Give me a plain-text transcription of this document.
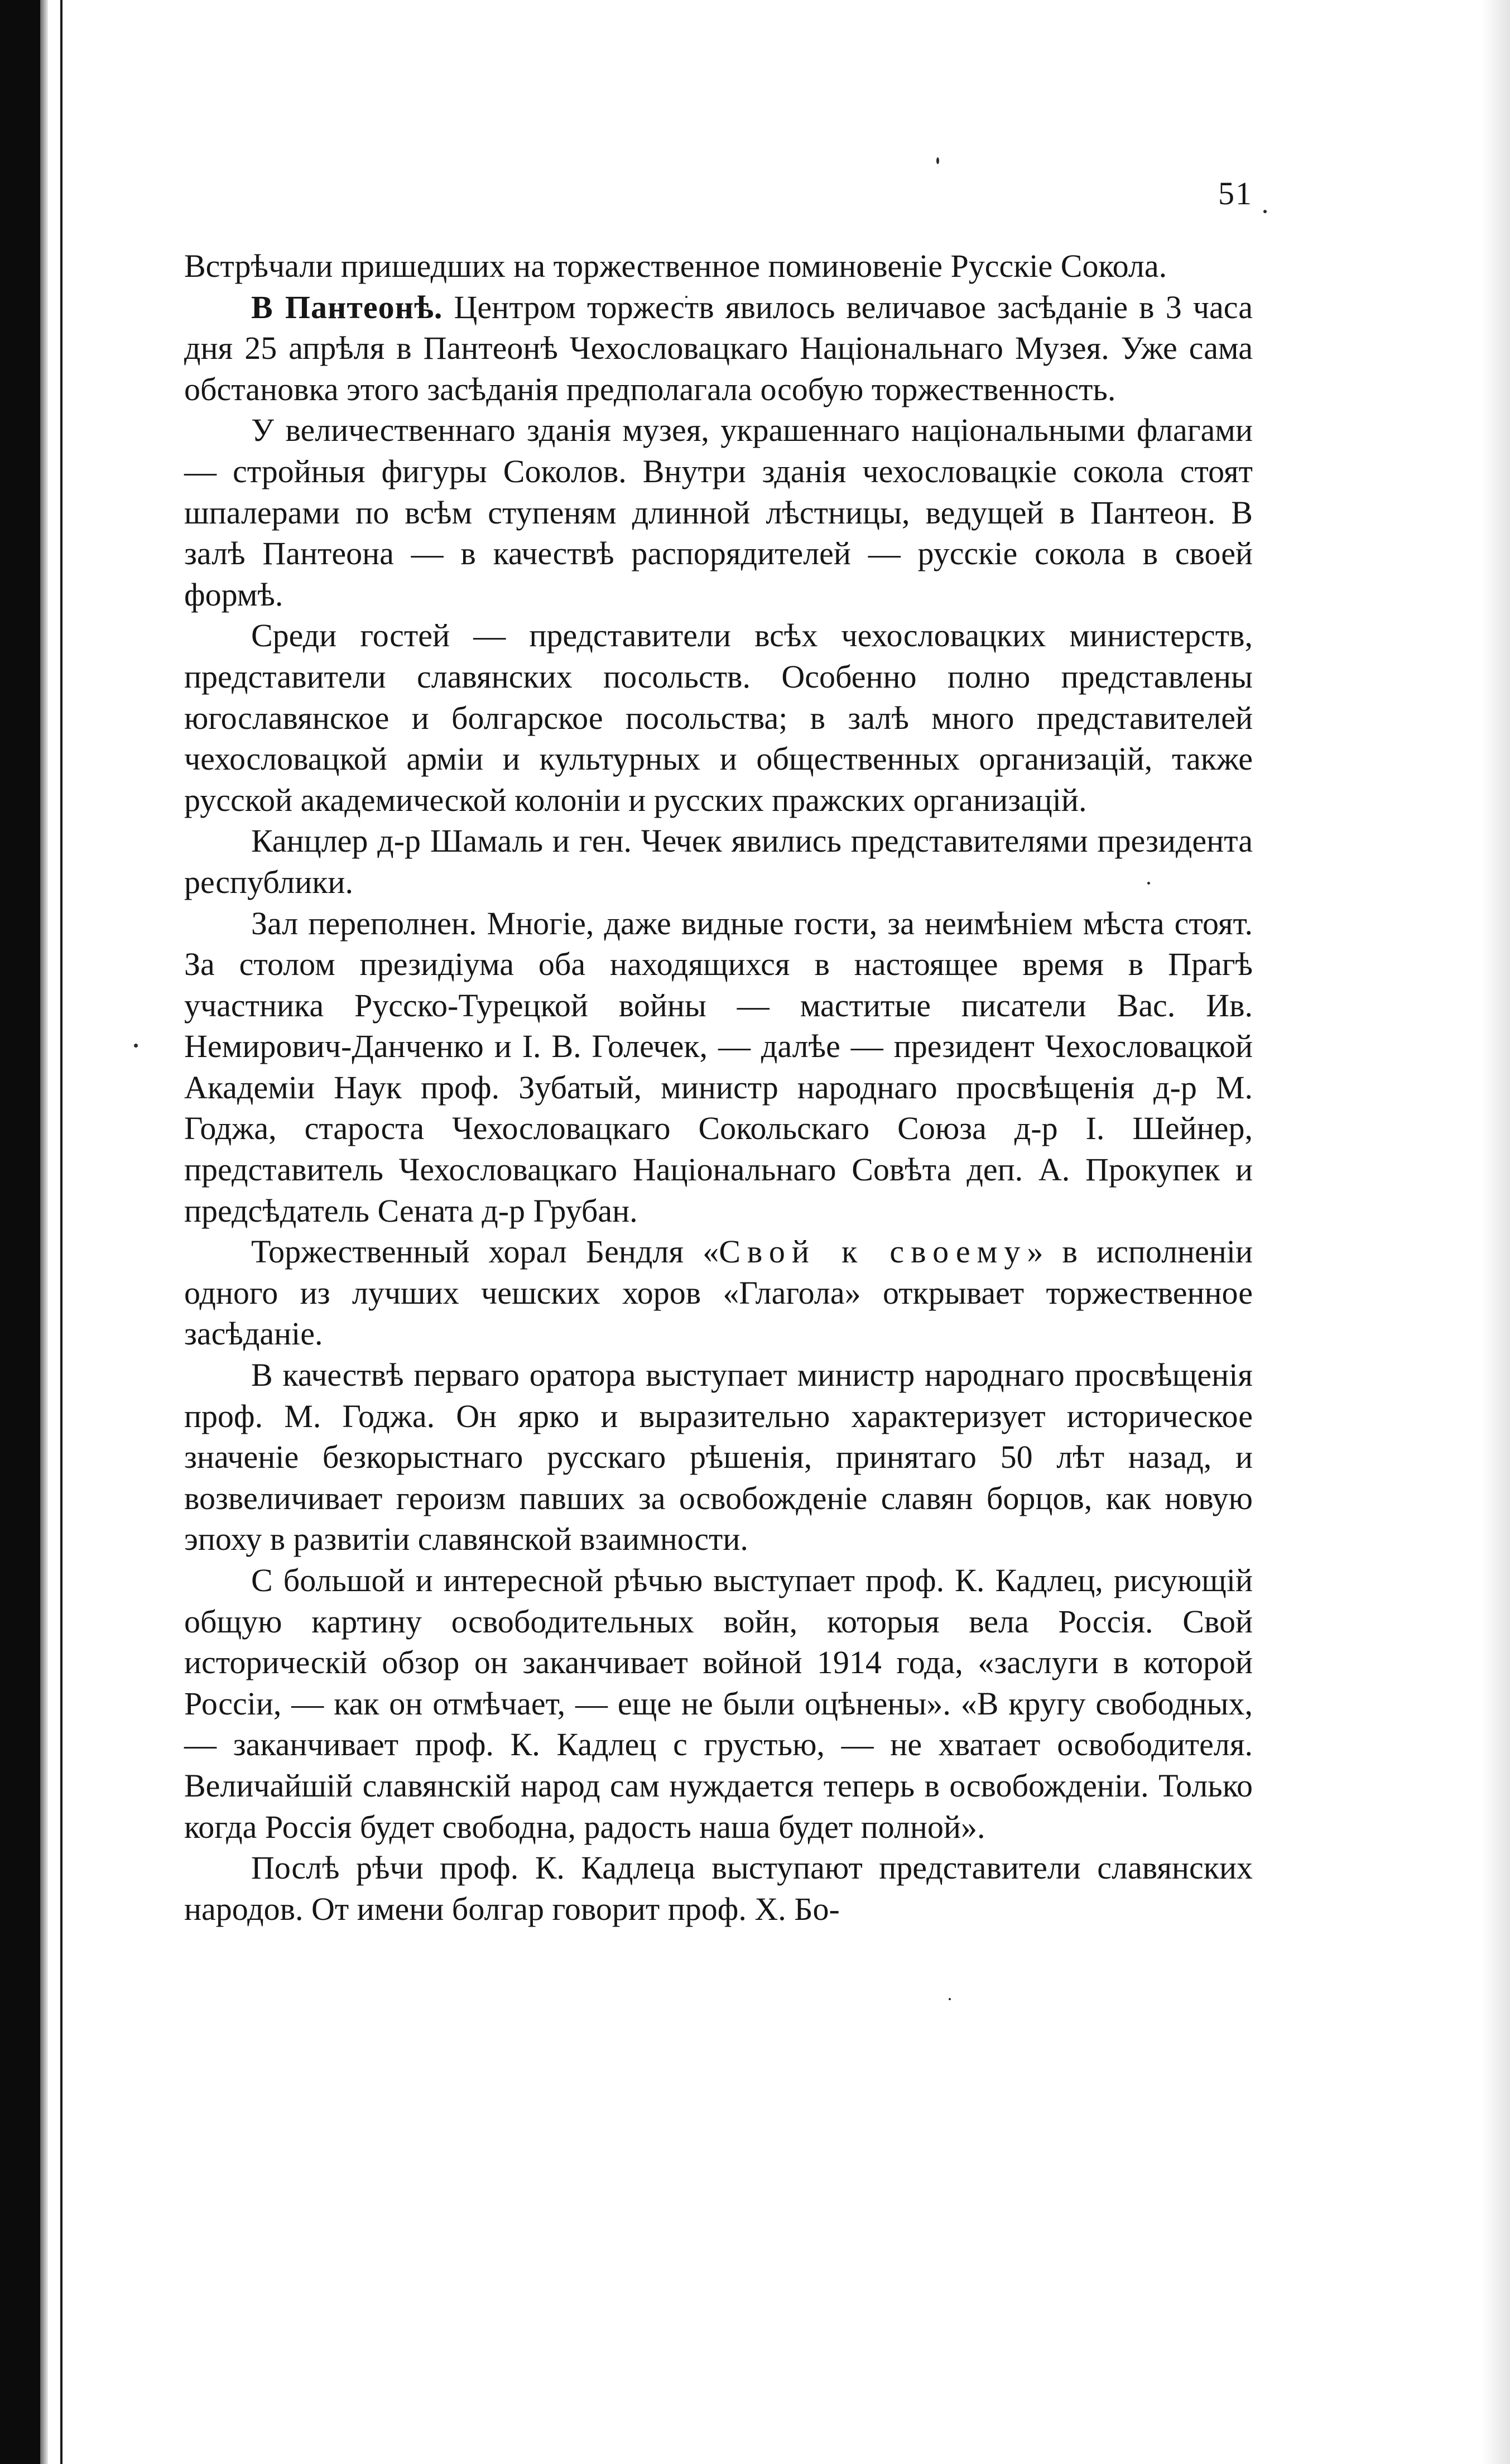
51

Встрѣчали пришедших на торжественное поминовеніе Русскіе Сокола.

В Пантеонѣ. Центром торжеств явилось величавое засѣданіе в 3 часа дня 25 апрѣля в Пантеонѣ Чехословацкаго Національнаго Музея. Уже сама обстановка этого засѣданія предполагала особую торжественность.

У величественнаго зданія музея, украшеннаго національными флагами — стройныя фигуры Соколов. Внутри зданія чехословацкіе сокола стоят шпалерами по всѣм ступеням длинной лѣстницы, ведущей в Пантеон. В залѣ Пантеона — в качествѣ распорядителей — русскіе сокола в своей формѣ.

Среди гостей — представители всѣх чехословацких министерств, представители славянских посольств. Особенно полно представлены югославянское и болгарское посольства; в залѣ много представителей чехословацкой арміи и культурных и общественных организацій, также русской академической колоніи и русских пражских организацій.

Канцлер д-р Шамаль и ген. Чечек явились представителями президента республики.

Зал переполнен. Многіе, даже видные гости, за неимѣніем мѣста стоят. За столом президіума оба находящихся в настоящее время в Прагѣ участника Русско-Турецкой войны — маститые писатели Вас. Ив. Немирович-Данченко и І. В. Голечек, — далѣе — президент Чехословацкой Академіи Наук проф. Зубатый, министр народнаго просвѣщенія д-р М. Годжа, староста Чехословацкаго Сокольскаго Союза д-р І. Шейнер, представитель Чехословацкаго Національнаго Совѣта деп. А. Прокупек и предсѣдатель Сената д-р Грубан.

Торжественный хорал Бендля «Свой к своему» в исполненіи одного из лучших чешских хоров «Глагола» открывает торжественное засѣданіе.

В качествѣ перваго оратора выступает министр народнаго просвѣщенія проф. М. Годжа. Он ярко и выразительно характеризует историческое значеніе безкорыстнаго русскаго рѣшенія, принятаго 50 лѣт назад, и возвеличивает героизм павших за освобожденіе славян борцов, как новую эпоху в развитіи славянской взаимности.

С большой и интересной рѣчью выступает проф. К. Кадлец, рисующій общую картину освободительных войн, которыя вела Россія. Свой историческій обзор он заканчивает войной 1914 года, «заслуги в которой Россіи, — как он отмѣчает, — еще не были оцѣнены». «В кругу свободных, — заканчивает проф. К. Кадлец с грустью, — не хватает освободителя. Величайшій славянскій народ сам нуждается теперь в освобожденіи. Только когда Россія будет свободна, радость наша будет полной».

Послѣ рѣчи проф. К. Кадлеца выступают представители славянских народов. От имени болгар говорит проф. Х. Бо-
